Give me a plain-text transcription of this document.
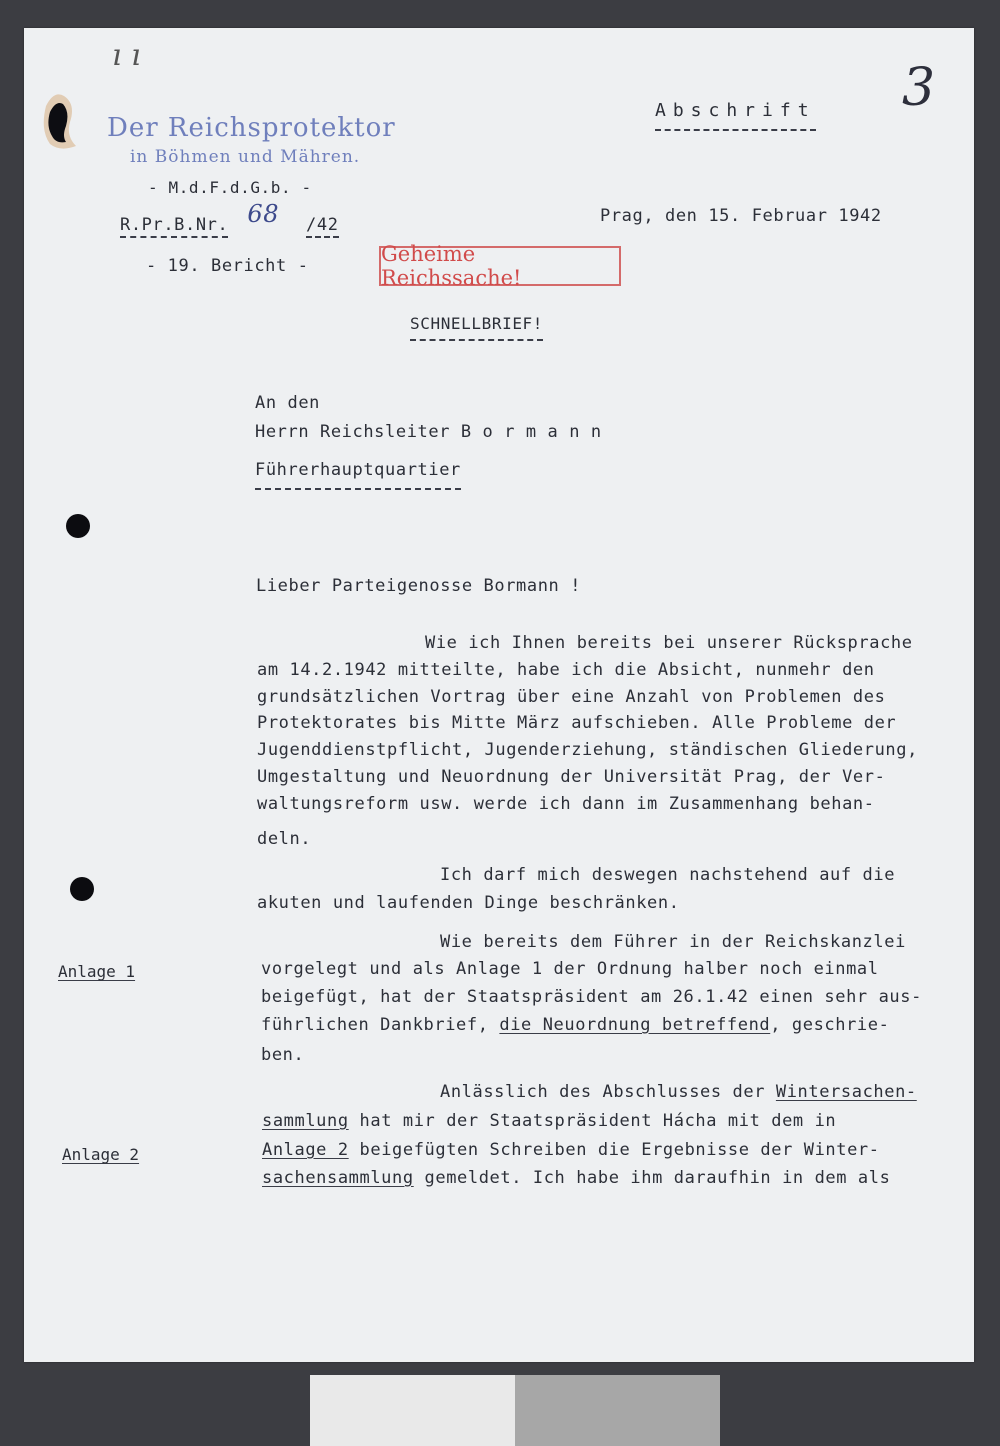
ı ı
Abschrift 3
Der Reichsprotektor
in Böhmen und Mähren.
- M.d.F.d.G.b. -
R.Pr.B.Nr. 68 /42	Prag, den 15. Februar 1942
- 19. Bericht -	Geheime Reichssache!
SCHNELLBRIEF!
An den
Herrn Reichsleiter B o r m a n n
Führerhauptquartier
Lieber Parteigenosse Bormann !
Wie ich Ihnen bereits bei unserer Rücksprache
am 14.2.1942 mitteilte, habe ich die Absicht, nunmehr den
grundsätzlichen Vortrag über eine Anzahl von Problemen des
Protektorates bis Mitte März aufschieben. Alle Probleme der
Jugenddienstpflicht, Jugenderziehung, ständischen Gliederung,
Umgestaltung und Neuordnung der Universität Prag, der Ver-
waltungsreform usw. werde ich dann im Zusammenhang behan-
deln.
Ich darf mich deswegen nachstehend auf die
akuten und laufenden Dinge beschränken.
Anlage 1
Anlage 2
Wie bereits dem Führer in der Reichskanzlei
vorgelegt und als Anlage 1 der Ordnung halber noch einmal
beigefügt, hat der Staatspräsident am 26.1.42 einen sehr aus-
führlichen Dankbrief, die Neuordnung betreffend, geschrie-
ben.
Anlässlich des Abschlusses der Wintersachen-
sammlung hat mir der Staatspräsident Hácha mit dem in
Anlage 2 beigefügten Schreiben die Ergebnisse der Winter-
sachensammlung gemeldet. Ich habe ihm daraufhin in dem als
